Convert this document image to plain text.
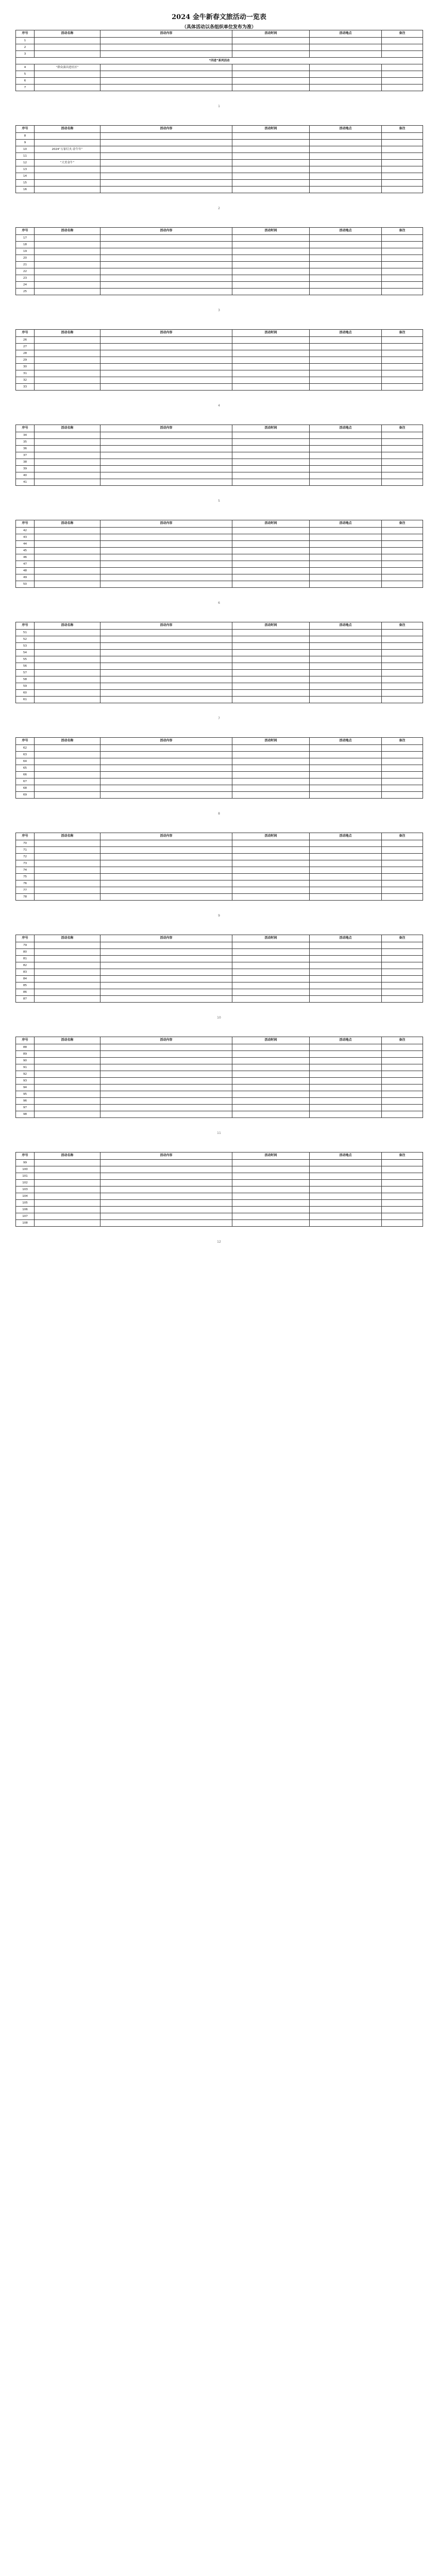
2024 金牛新春文旅活动一览表

（具体活动以各组织单位发布为准）

序号	活动名称	活动内容	活动时间	活动地点	备注
1					
2					
3					
“四进”系列活动					
4	“群众演出进社区”				
5					
6					
7					
1
序号	活动名称	活动内容	活动时间	活动地点	备注
8					
9					
10	2024“万家灯火·金牛年”				
11					
12	“大美金牛”				
13					
14					
15					
16					
2
序号	活动名称	活动内容	活动时间	活动地点	备注
17					
18					
19					
20					
21					
22					
23					
24					
25					
3
序号	活动名称	活动内容	活动时间	活动地点	备注
26					
27					
28					
29					
30					
31					
32					
33					
4
序号	活动名称	活动内容	活动时间	活动地点	备注
34					
35					
36					
37					
38					
39					
40					
41					
5
序号	活动名称	活动内容	活动时间	活动地点	备注
42					
43					
44					
45					
46					
47					
48					
49					
50					
6
序号	活动名称	活动内容	活动时间	活动地点	备注
51					
52					
53					
54					
55					
56					
57					
58					
59					
60					
61					
7
序号	活动名称	活动内容	活动时间	活动地点	备注
62					
63					
64					
65					
66					
67					
68					
69					
8
序号	活动名称	活动内容	活动时间	活动地点	备注
70					
71					
72					
73					
74					
75					
76					
77					
78					
9
序号	活动名称	活动内容	活动时间	活动地点	备注
79					
80					
81					
82					
83					
84					
85					
86					
87					
10
序号	活动名称	活动内容	活动时间	活动地点	备注
88					
89					
90					
91					
92					
93					
94					
95					
96					
97					
98					
11
序号	活动名称	活动内容	活动时间	活动地点	备注
99					
100					
101					
102					
103					
104					
105					
106					
107					
108					
12
